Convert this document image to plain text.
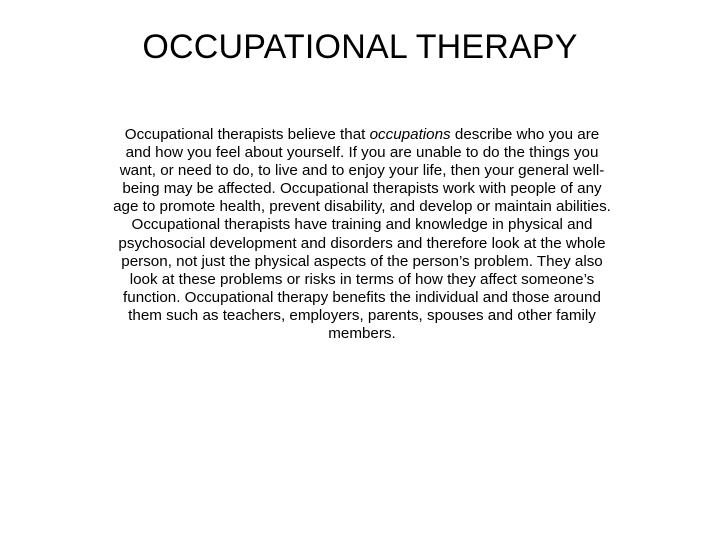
OCCUPATIONAL THERAPY

Occupational therapists believe that occupations describe who you are and how you feel about yourself. If you are unable to do the things you want, or need to do, to live and to enjoy your life, then your general well-being may be affected. Occupational therapists work with people of any age to promote health, prevent disability, and develop or maintain abilities. Occupational therapists have training and knowledge in physical and psychosocial development and disorders and therefore look at the whole person, not just the physical aspects of the person’s problem. They also look at these problems or risks in terms of how they affect someone’s function. Occupational therapy benefits the individual and those around them such as teachers, employers, parents, spouses and other family members.
